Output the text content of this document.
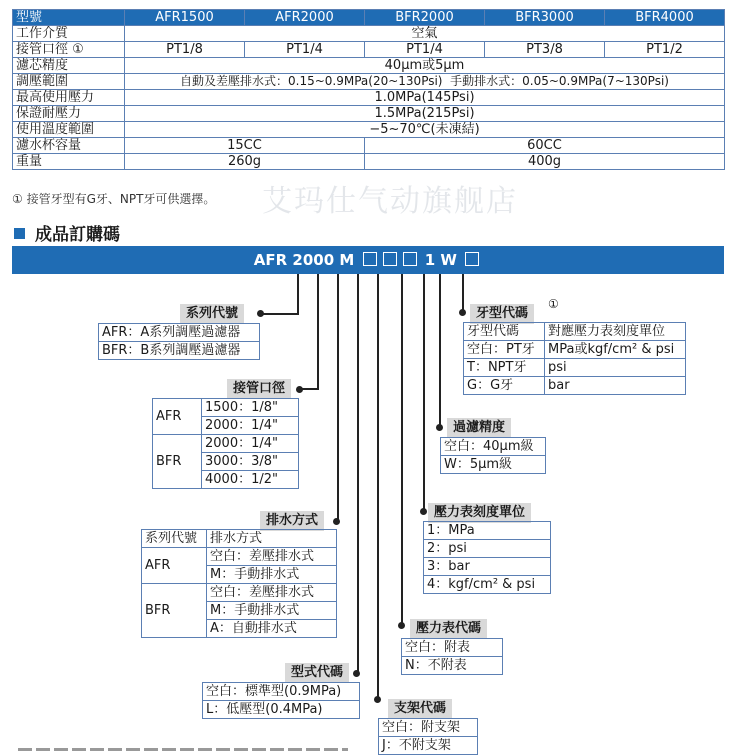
型號	AFR1500	AFR2000	BFR2000	BFR3000	BFR4000
工作介質	空氣				
接管口徑 ①	PT1/8	PT1/4	PT1/4	PT3/8	PT1/2
濾芯精度	40μm或5μm				
調壓範圍	自動及差壓排水式：0.15~0.9MPa(20~130Psi) 手動排水式：0.05~0.9MPa(7~130Psi)				
最高使用壓力	1.0MPa(145Psi)				
保證耐壓力	1.5MPa(215Psi)				
使用溫度範圍	−5~70℃(未凍結)				
濾水杯容量	15CC		60CC		
重量	260g		400g		
艾玛仕气动旗舰店
① 接管牙型有G牙、NPT牙可供選擇。
成品訂購碼
AFR 2000 M	1 W
系列代號
AFR：A系列調壓過濾器
BFR：B系列調壓過濾器
接管口徑
AFR	1500：1/8"
	2000：1/4"
BFR	2000：1/4"
	3000：3/8"
	4000：1/2"
排水方式
系列代號	排水方式
AFR	空白：差壓排水式
	M：手動排水式
BFR	空白：差壓排水式
	M：手動排水式
	A：自動排水式
型式代碼
空白：標準型(0.9MPa)
L：低壓型(0.4MPa)	支架代碼
空白：附支架
J：不附支架
壓力表代碼
空白：附表
N：不附表
壓力表刻度單位
1：MPa
2：psi
3：bar
4：kgf/cm² & psi
過濾精度
空白：40μm級
W：5μm級
牙型代碼
①
牙型代碼	對應壓力表刻度單位
空白：PT牙	MPa或kgf/cm² & psi
T：NPT牙	psi
G：G牙	bar
